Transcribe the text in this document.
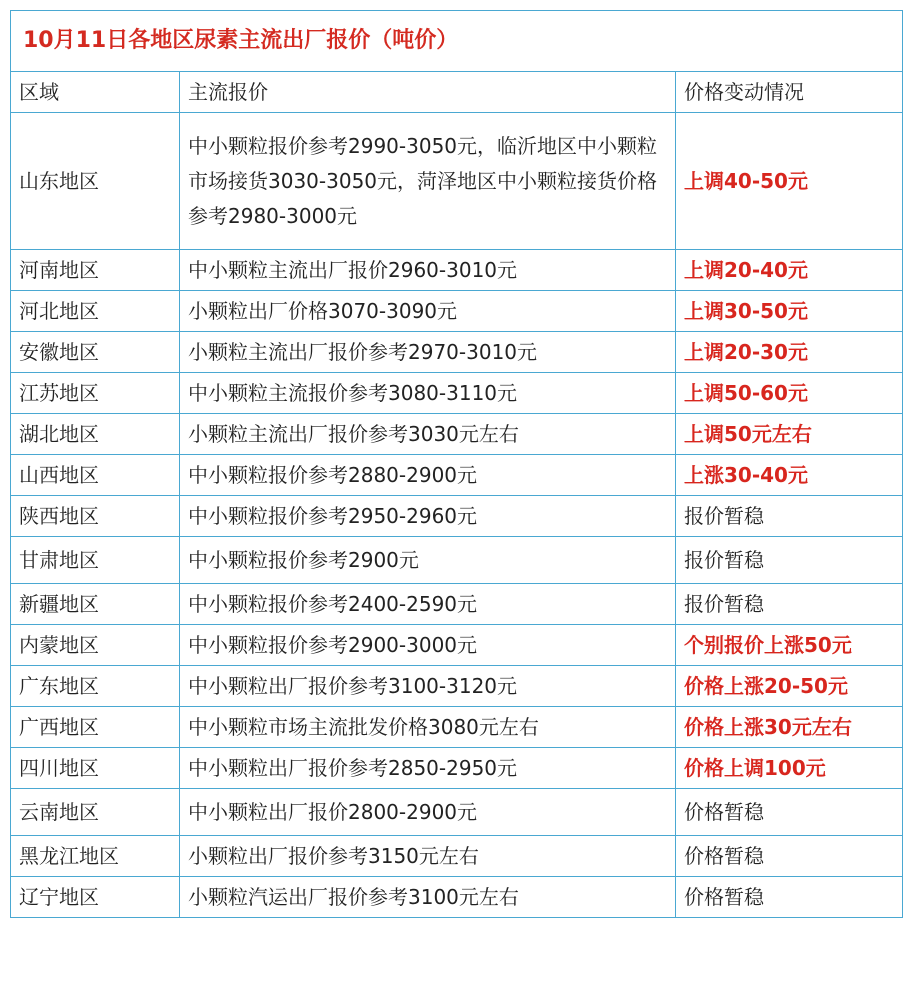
10月11日各地区尿素主流出厂报价（吨价）		
区域	主流报价	价格变动情况
山东地区	中小颗粒报价参考2990-3050元，临沂地区中小颗粒市场接货3030-3050元，菏泽地区中小颗粒接货价格参考2980-3000元	上调40-50元
河南地区	中小颗粒主流出厂报价2960-3010元	上调20-40元
河北地区	小颗粒出厂价格3070-3090元	上调30-50元
安徽地区	小颗粒主流出厂报价参考2970-3010元	上调20-30元
江苏地区	中小颗粒主流报价参考3080-3110元	上调50-60元
湖北地区	小颗粒主流出厂报价参考3030元左右	上调50元左右
山西地区	中小颗粒报价参考2880-2900元	上涨30-40元
陕西地区	中小颗粒报价参考2950-2960元	报价暂稳
甘肃地区	中小颗粒报价参考2900元	报价暂稳
新疆地区	中小颗粒报价参考2400-2590元	报价暂稳
内蒙地区	中小颗粒报价参考2900-3000元	个别报价上涨50元
广东地区	中小颗粒出厂报价参考3100-3120元	价格上涨20-50元
广西地区	中小颗粒市场主流批发价格3080元左右	价格上涨30元左右
四川地区	中小颗粒出厂报价参考2850-2950元	价格上调100元
云南地区	中小颗粒出厂报价2800-2900元	价格暂稳
黑龙江地区	小颗粒出厂报价参考3150元左右	价格暂稳
辽宁地区	小颗粒汽运出厂报价参考3100元左右	价格暂稳
